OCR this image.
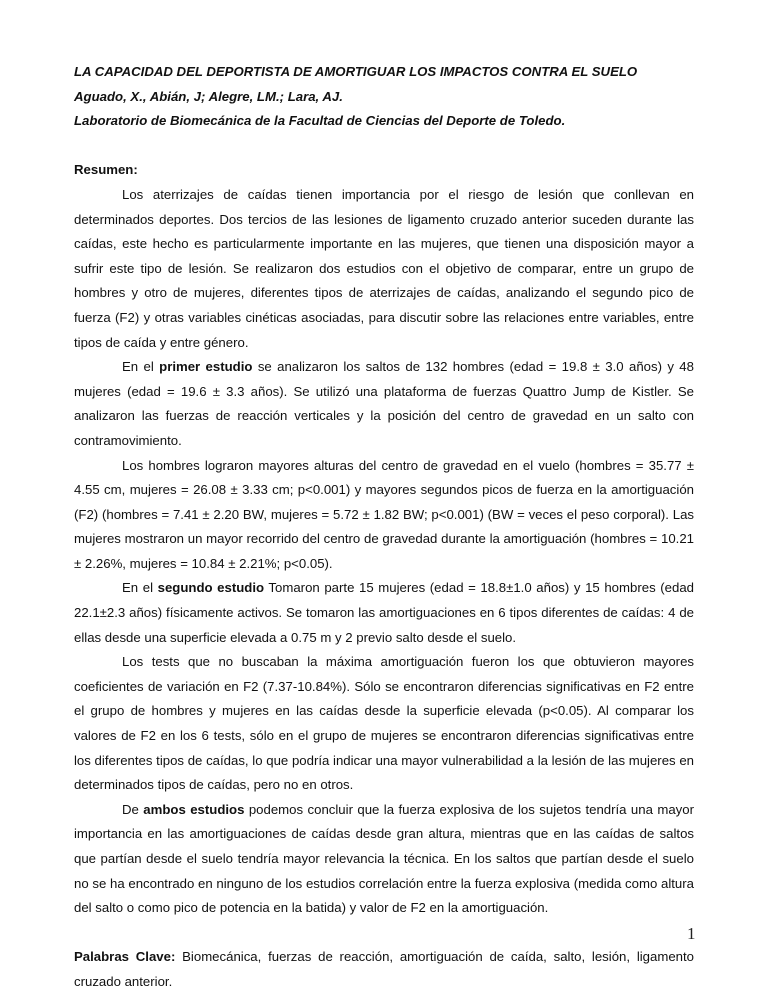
LA CAPACIDAD DEL DEPORTISTA DE AMORTIGUAR LOS IMPACTOS CONTRA EL SUELO

Aguado, X., Abián, J; Alegre, LM.; Lara, AJ.

Laboratorio de Biomecánica de la Facultad de Ciencias del Deporte de Toledo.

Resumen:

Los aterrizajes de caídas tienen importancia por el riesgo de lesión que conllevan en determinados deportes. Dos tercios de las lesiones de ligamento cruzado anterior suceden durante las caídas, este hecho es particularmente importante en las mujeres, que tienen una disposición mayor a sufrir este tipo de lesión. Se realizaron dos estudios con el objetivo de comparar, entre un grupo de hombres y otro de mujeres, diferentes tipos de aterrizajes de caídas, analizando el segundo pico de fuerza (F2) y otras variables cinéticas asociadas, para discutir sobre las relaciones entre variables, entre tipos de caída y entre género.

En el primer estudio se analizaron los saltos de 132 hombres (edad = 19.8 ± 3.0 años) y 48 mujeres (edad = 19.6 ± 3.3 años). Se utilizó una plataforma de fuerzas Quattro Jump de Kistler. Se analizaron las fuerzas de reacción verticales y la posición del centro de gravedad en un salto con contramovimiento.

Los hombres lograron mayores alturas del centro de gravedad en el vuelo (hombres = 35.77 ± 4.55 cm, mujeres = 26.08 ± 3.33 cm; p<0.001) y mayores segundos picos de fuerza en la amortiguación (F2) (hombres = 7.41 ± 2.20 BW, mujeres = 5.72 ± 1.82 BW; p<0.001) (BW = veces el peso corporal). Las mujeres mostraron un mayor recorrido del centro de gravedad durante la amortiguación (hombres = 10.21 ± 2.26%, mujeres = 10.84 ± 2.21%; p<0.05).

En el segundo estudio Tomaron parte 15 mujeres (edad = 18.8±1.0 años) y 15 hombres (edad 22.1±2.3 años) físicamente activos. Se tomaron las amortiguaciones en 6 tipos diferentes de caídas: 4 de ellas desde una superficie elevada a 0.75 m y 2 previo salto desde el suelo.

Los tests que no buscaban la máxima amortiguación fueron los que obtuvieron mayores coeficientes de variación en F2 (7.37-10.84%). Sólo se encontraron diferencias significativas en F2 entre el grupo de hombres y mujeres en las caídas desde la superficie elevada (p<0.05). Al comparar los valores de F2 en los 6 tests, sólo en el grupo de mujeres se encontraron diferencias significativas entre los diferentes tipos de caídas, lo que podría indicar una mayor vulnerabilidad a la lesión de las mujeres en determinados tipos de caídas, pero no en otros.

De ambos estudios podemos concluir que la fuerza explosiva de los sujetos tendría una mayor importancia en las amortiguaciones de caídas desde gran altura, mientras que en las caídas de saltos que partían desde el suelo tendría mayor relevancia la técnica. En los saltos que partían desde el suelo no se ha encontrado en ninguno de los estudios correlación entre la fuerza explosiva (medida como altura del salto o como pico de potencia en la batida) y valor de F2 en la amortiguación.

Palabras Clave: Biomecánica, fuerzas de reacción, amortiguación de caída, salto, lesión, ligamento cruzado anterior.

1
